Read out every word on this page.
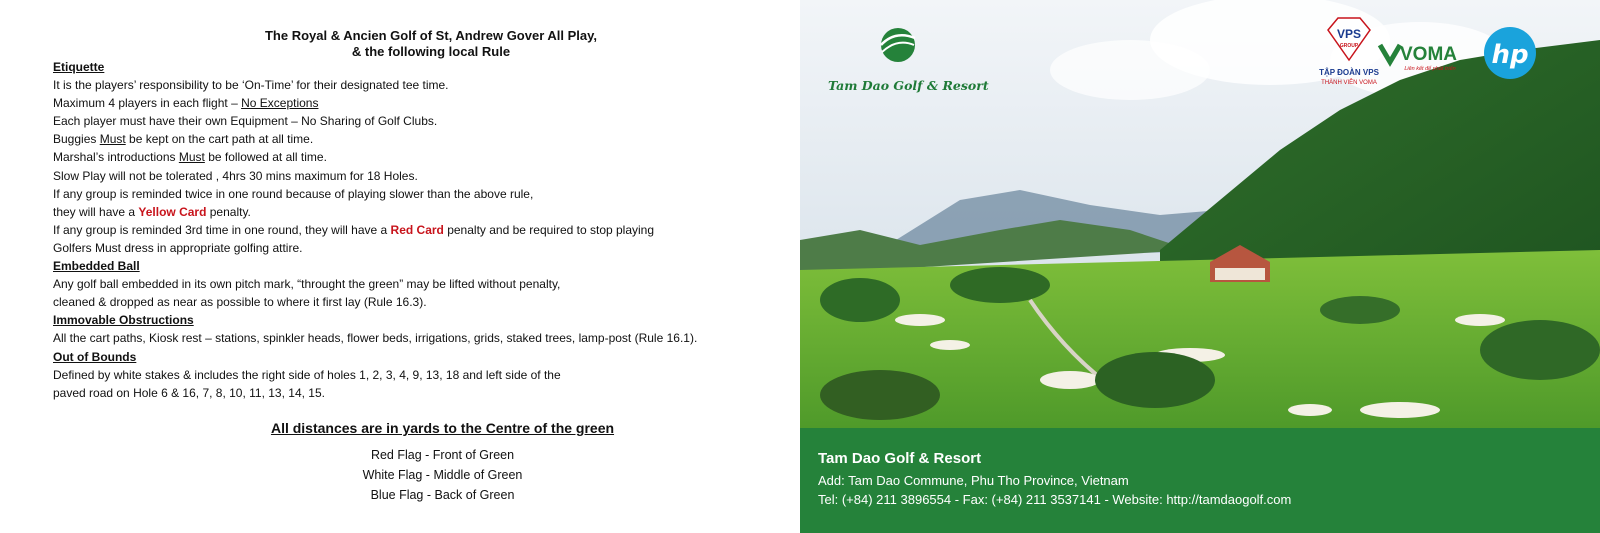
The Royal & Ancien Golf of St, Andrew Gover All Play,
& the following local Rule
Etiquette
It is the players’ responsibility to be ‘On-Time’ for their designated tee time.
Maximum 4 players in each flight – No Exceptions
Each player must have their own Equipment – No Sharing of Golf Clubs.
Buggies Must be kept on the cart path at all time.
Marshal’s introductions Must be followed at all time.
Slow Play will not be tolerated , 4hrs 30 mins maximum for 18 Holes.
If any group is reminded twice in one round because of playing slower than the above rule,
they will have a Yellow Card penalty.
If any group is reminded 3rd time in one round, they will have a Red Card penalty and be required to stop playing
Golfers Must dress in appropriate golfing attire.
Embedded Ball
Any golf ball embedded in its own pitch mark, “throught the green” may be lifted without penalty,
cleaned & dropped as near as possible to where it first lay (Rule 16.3).
Immovable Obstructions
All the cart paths, Kiosk rest – stations, spinkler heads, flower beds, irrigations, grids, staked trees, lamp-post (Rule 16.1).
Out of Bounds
Defined by white stakes & includes the right side of holes 1, 2, 3, 4, 9, 13, 18 and left side of the
paved road on Hole 6 & 16, 7, 8, 10, 11, 13, 14, 15.
All distances are in yards to the Centre of the green
Red Flag - Front of Green
White Flag - Middle of Green
Blue Flag - Back of Green
VPS
GROUP
TẬP ĐOÀN VPS
THÀNH VIÊN VOMA
VOMA
Liên kết để phát triển hp
Tam Dao Golf & Resort
Add: Tam Dao Commune, Phu Tho Province, Vietnam
Tel: (+84) 211 3896554 - Fax: (+84) 211 3537141 - Website: http://tamdaogolf.com
Tam Dao Golf & Resort
